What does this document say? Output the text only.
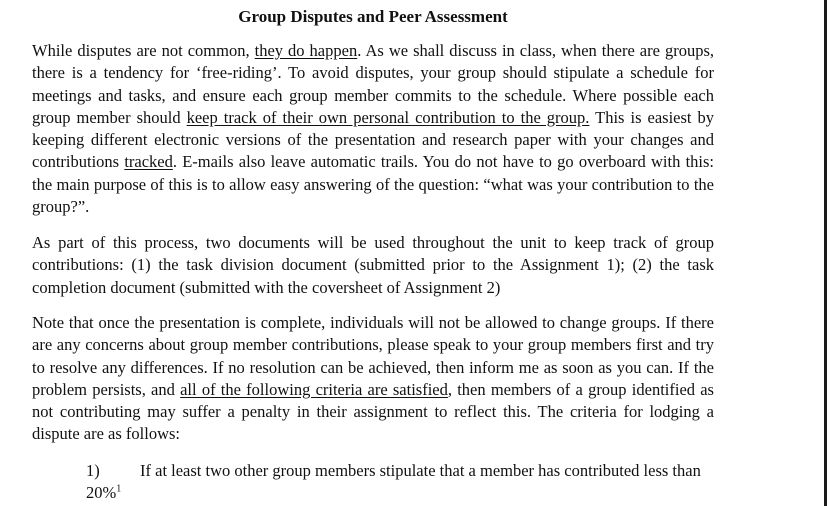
Group Disputes and Peer Assessment

While disputes are not common, they do happen. As we shall discuss in class, when there are groups, there is a tendency for ‘free-riding’. To avoid disputes, your group should stipulate a schedule for meetings and tasks, and ensure each group member commits to the schedule. Where possible each group member should keep track of their own personal contribution to the group. This is easiest by keeping different electronic versions of the presentation and research paper with your changes and contributions tracked. E-mails also leave automatic trails. You do not have to go overboard with this: the main purpose of this is to allow easy answering of the question: “what was your contribution to the group?”.

As part of this process, two documents will be used throughout the unit to keep track of group contributions: (1) the task division document (submitted prior to the Assignment 1); (2) the task completion document (submitted with the coversheet of Assignment 2)

Note that once the presentation is complete, individuals will not be allowed to change groups. If there are any concerns about group member contributions, please speak to your group members first and try to resolve any differences. If no resolution can be achieved, then inform me as soon as you can. If the problem persists, and all of the following criteria are satisfied, then members of a group identified as not contributing may suffer a penalty in their assignment to reflect this. The criteria for lodging a dispute are as follows:

1) If at least two other group members stipulate that a member has contributed less than 20%$^1$
